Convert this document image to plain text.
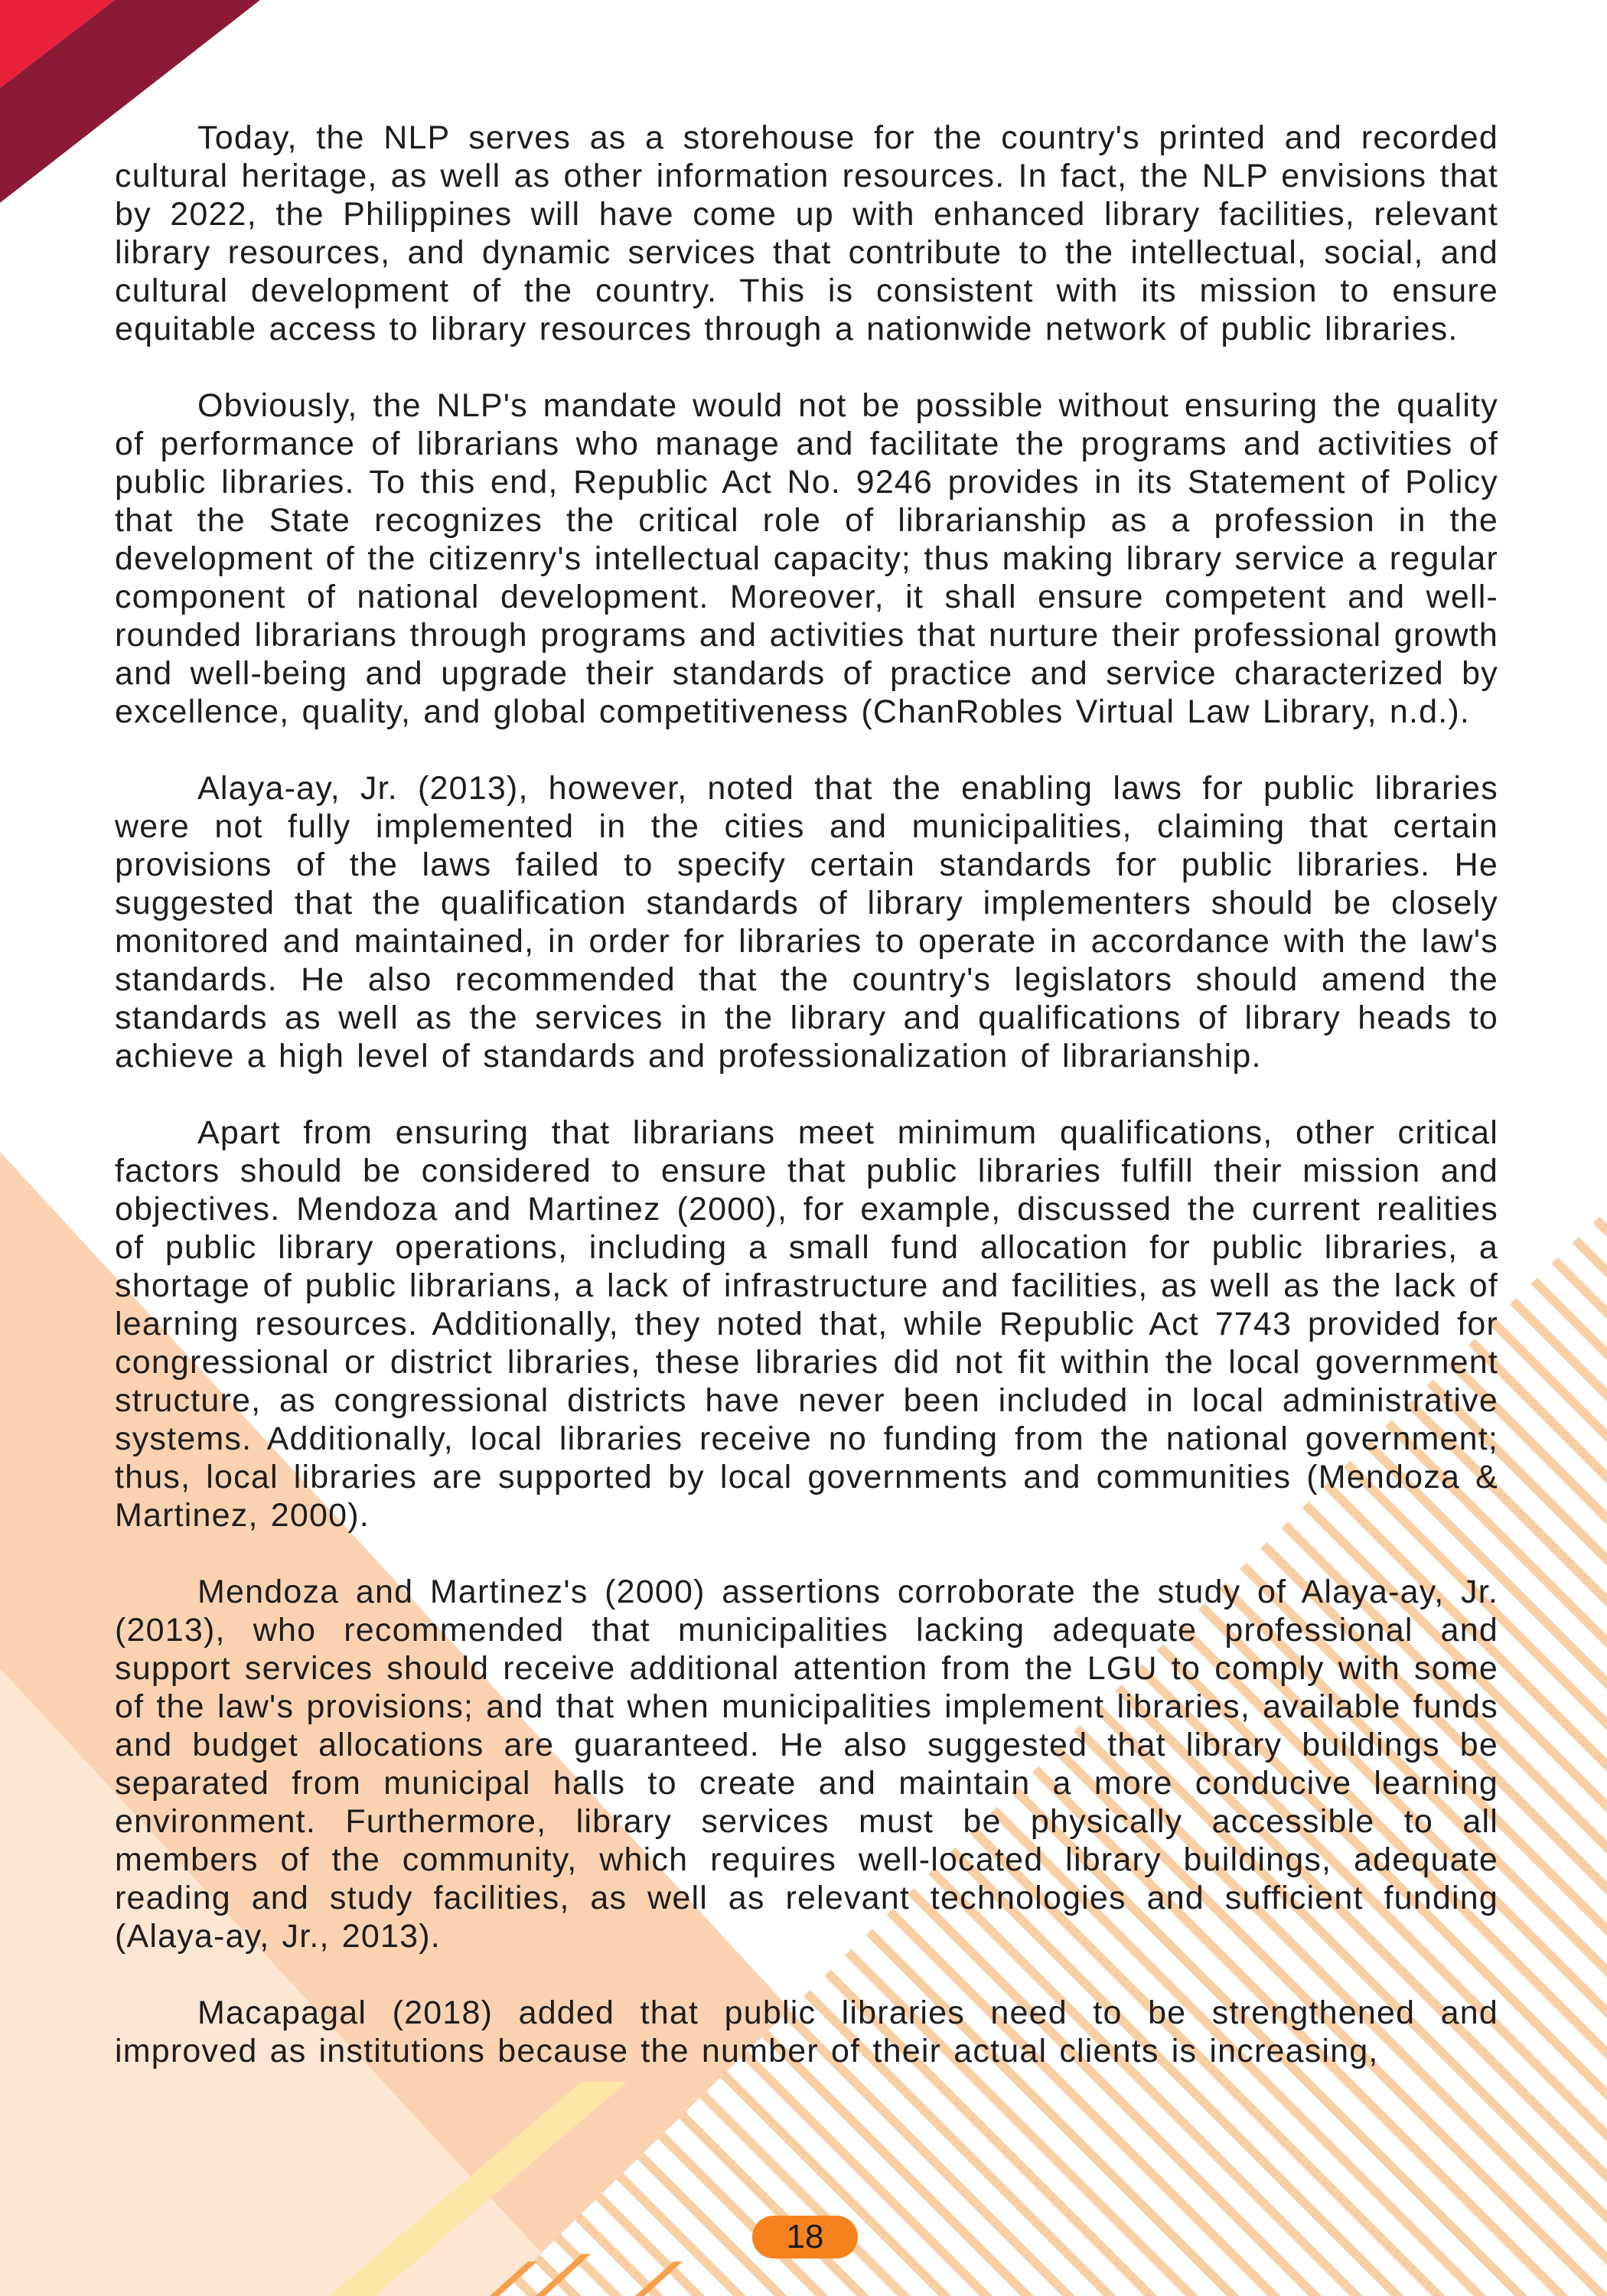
Today, the NLP serves as a storehouse for the country's printed and recorded cultural heritage, as well as other information resources. In fact, the NLP envisions that by 2022, the Philippines will have come up with enhanced library facilities, relevant library resources, and dynamic services that contribute to the intellectual, social, and cultural development of the country. This is consistent with its mission to ensure equitable access to library resources through a nationwide network of public libraries.

Obviously, the NLP's mandate would not be possible without ensuring the quality of performance of librarians who manage and facilitate the programs and activities of public libraries. To this end, Republic Act No. 9246 provides in its Statement of Policy that the State recognizes the critical role of librarianship as a profession in the development of the citizenry's intellectual capacity; thus making library service a regular component of national development. Moreover, it shall ensure competent and well-rounded librarians through programs and activities that nurture their professional growth and well-being and upgrade their standards of practice and service characterized by excellence, quality, and global competitiveness (ChanRobles Virtual Law Library, n.d.).

Alaya-ay, Jr. (2013), however, noted that the enabling laws for public libraries were not fully implemented in the cities and municipalities, claiming that certain provisions of the laws failed to specify certain standards for public libraries. He suggested that the qualification standards of library implementers should be closely monitored and maintained, in order for libraries to operate in accordance with the law's standards. He also recommended that the country's legislators should amend the standards as well as the services in the library and qualifications of library heads to achieve a high level of standards and professionalization of librarianship.

Apart from ensuring that librarians meet minimum qualifications, other critical factors should be considered to ensure that public libraries fulfill their mission and objectives. Mendoza and Martinez (2000), for example, discussed the current realities of public library operations, including a small fund allocation for public libraries, a shortage of public librarians, a lack of infrastructure and facilities, as well as the lack of learning resources. Additionally, they noted that, while Republic Act 7743 provided for congressional or district libraries, these libraries did not fit within the local government structure, as congressional districts have never been included in local administrative systems. Additionally, local libraries receive no funding from the national government; thus, local libraries are supported by local governments and communities (Mendoza & Martinez, 2000).

Mendoza and Martinez's (2000) assertions corroborate the study of Alaya-ay, Jr. (2013), who recommended that municipalities lacking adequate professional and support services should receive additional attention from the LGU to comply with some of the law's provisions; and that when municipalities implement libraries, available funds and budget allocations are guaranteed. He also suggested that library buildings be separated from municipal halls to create and maintain a more conducive learning environment. Furthermore, library services must be physically accessible to all members of the community, which requires well-located library buildings, adequate reading and study facilities, as well as relevant technologies and sufficient funding (Alaya-ay, Jr., 2013).

Macapagal (2018) added that public libraries need to be strengthened and improved as institutions because the number of their actual clients is increasing,

18
